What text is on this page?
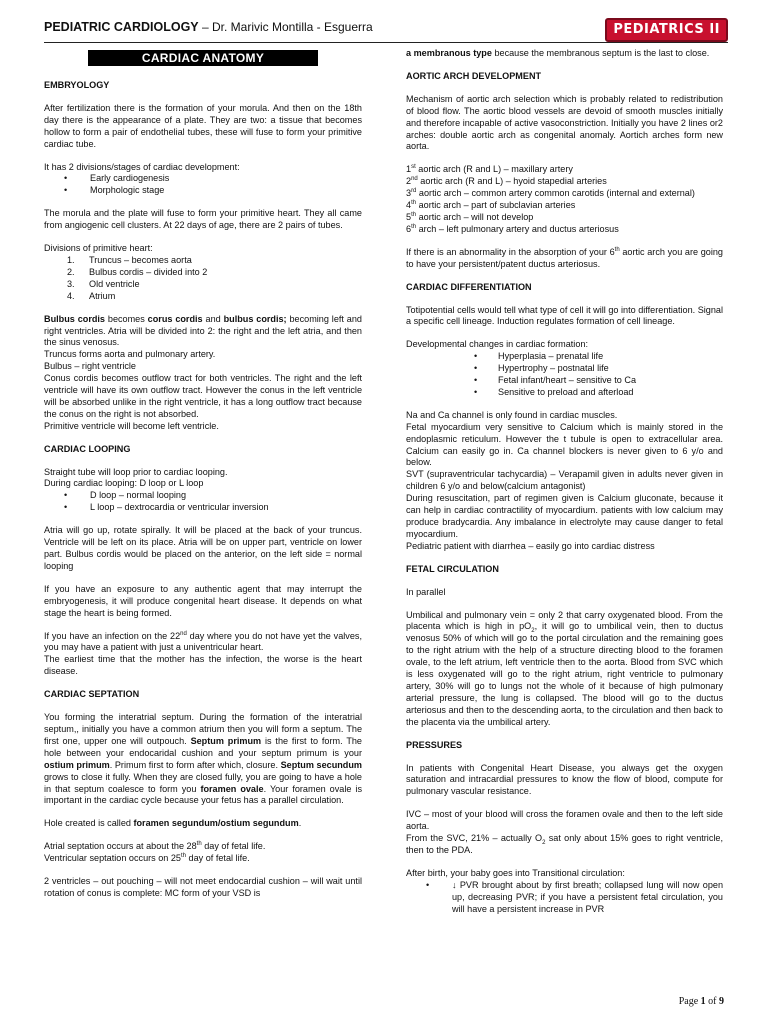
PEDIATRIC CARDIOLOGY – Dr. Marivic Montilla - Esguerra	PEDIATRICS II
CARDIAC ANATOMY
EMBRYOLOGY

After fertilization there is the formation of your morula. And then on the 18th day there is the appearance of a plate. They are two: a tissue that becomes hollow to form a pair of endothelial tubes, these will fuse to form your primitive cardiac tube.

It has 2 divisions/stages of cardiac development:

• Early cardiogenesis
• Morphologic stage

The morula and the plate will fuse to form your primitive heart. They all came from angiogenic cell clusters. At 22 days of age, there are 2 pairs of tubes.

Divisions of primitive heart:

1. Truncus – becomes aorta
2. Bulbus cordis – divided into 2
3. Old ventricle
4. Atrium

Bulbus cordis becomes corus cordis and bulbus cordis; becoming left and right ventricles. Atria will be divided into 2: the right and the left atria, and then the sinus venosus.
Truncus forms aorta and pulmonary artery.
Bulbus – right ventricle
Conus cordis becomes outflow tract for both ventricles. The right and the left ventricle will have its own outflow tract. However the conus in the left ventricle will be absorbed unlike in the right ventricle, it has a long outflow tract because the conus on the right is not absorbed.
Primitive ventricle will become left ventricle.

CARDIAC LOOPING

Straight tube will loop prior to cardiac looping.
During cardiac looping: D loop or L loop

• D loop – normal looping
• L loop – dextrocardia or ventricular inversion

Atria will go up, rotate spirally. It will be placed at the back of your truncus. Ventricle will be left on its place. Atria will be on upper part, ventricle on lower part. Bulbus cordis would be placed on the anterior, on the left side = normal looping

If you have an exposure to any authentic agent that may interrupt the embryogenesis, it will produce congenital heart disease. It depends on what stage the heart is being formed.

If you have an infection on the 22nd day where you do not have yet the valves, you may have a patient with just a univentricular heart.
The earliest time that the mother has the infection, the worse is the heart disease.

CARDIAC SEPTATION

You forming the interatrial septum. During the formation of the interatrial septum,, initially you have a common atrium then you will form a septum. The first one, upper one will outpouch. Septum primum is the first to form. The hole between your endocaridal cushion and your septum primum is your ostium primum. Primum first to form after which, closure. Septum secundum grows to close it fully. When they are closed fully, you are going to have a hole in that septum coalesce to form you foramen ovale. Your foramen ovale is important in the cardiac cycle because your fetus has a parallel circulation.

Hole created is called foramen segundum/ostium segundum.

Atrial septation occurs at about the 28th day of fetal life.
Ventricular septation occurs on 25th day of fetal life.

2 ventricles – out pouching – will not meet endocardial cushion – will wait until rotation of conus is complete: MC form of your VSD is

a membranous type because the membranous septum is the last to close.

AORTIC ARCH DEVELOPMENT

Mechanism of aortic arch selection which is probably related to redistribution of blood flow. The aortic blood vessels are devoid of smooth muscles initially and therefore incapable of active vasoconstriction. Initially you have 2 lines or2 arches: double aortic arch as congenital anomaly. Aortich arches form new aorta.

1st aortic arch (R and L) – maxillary artery
2nd aortic arch (R and L) – hyoid stapedial arteries
3rd aortic arch – common artery common carotids (internal and external)
4th aortic arch – part of subclavian arteries
5th aortic arch – will not develop
6th arch – left pulmonary artery and ductus arteriosus

If there is an abnormality in the absorption of your 6th aortic arch you are going to have your persistent/patent ductus arteriosus.

CARDIAC DIFFERENTIATION

Totipotential cells would tell what type of cell it will go into differentiation. Signal a specific cell lineage. Induction regulates formation of cell lineage.

Developmental changes in cardiac formation:

• Hyperplasia – prenatal life
• Hypertrophy – postnatal life
• Fetal infant/heart – sensitive to Ca
• Sensitive to preload and afterload

Na and Ca channel is only found in cardiac muscles.
Fetal myocardium very sensitive to Calcium which is mainly stored in the endoplasmic reticulum. However the t tubule is open to extracellular area. Calcium can easily go in. Ca channel blockers is never given to 6 y/o and below.
SVT (supraventricular tachycardia) – Verapamil given in adults never given in children 6 y/o and below(calcium antagonist)
During resuscitation, part of regimen given is Calcium gluconate, because it can help in cardiac contractility of myocardium. patients with low calcium may produce bradycardia. Any imbalance in electrolyte may cause danger to fetal myocardium.
Pediatric patient with diarrhea – easily go into cardiac distress

FETAL CIRCULATION

In parallel

Umbilical and pulmonary vein = only 2 that carry oxygenated blood. From the placenta which is high in $pO_2$, it will go to umbilical vein, then to ductus venosus 50% of which will go to the portal circulation and the remaining goes to the right atrium with the help of a structure directing blood to the foramen ovale, to the left atrium, left ventricle then to the aorta. Blood from SVC which is less oxygenated will go to the right atrium, right ventricle to pulmonary artery, 30% will go to lungs not the whole of it because of high pulmonary arterial pressure, the lung is collapsed. The blood will go to the ductus arteriosus and then to the descending aorta, to the circulation and then back to the placenta via the umbilical artery.

PRESSURES

In patients with Congenital Heart Disease, you always get the oxygen saturation and intracardial pressures to know the flow of blood, compute for pulmonary vascular resistance.

IVC – most of your blood will cross the foramen ovale and then to the left side aorta.
From the SVC, 21% – actually $O_2$ sat only about 15% goes to right ventricle, then to the PDA.

After birth, your baby goes into Transitional circulation:

• ↓ PVR brought about by first breath; collapsed lung will now open up, decreasing PVR; if you have a persistent fetal circulation, you will have a persistent increase in PVR
Page 1 of 9
